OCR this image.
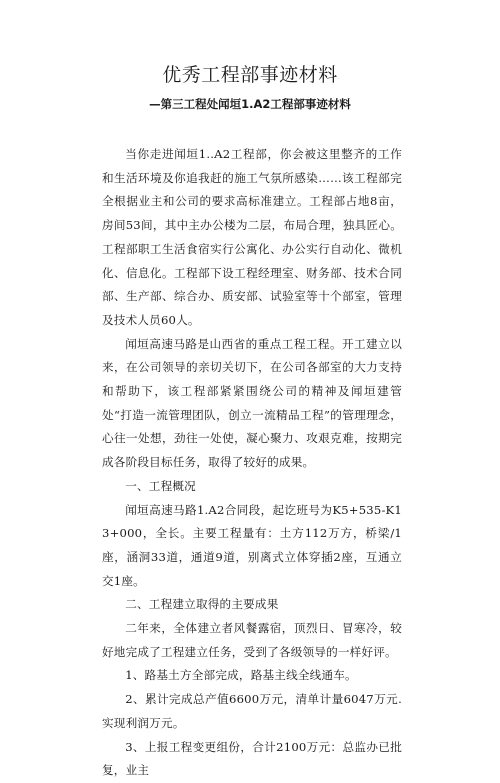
优秀工程部事迹材料
—第三工程处闻垣1.A2工程部事迹材料

当你走进闻垣1..A2工程部，你会被这里整齐的工作和生活环境及你追我赶的施工气氛所感染……该工程部完全根据业主和公司的要求高标准建立。工程部占地8亩，房间53间，其中主办公楼为二层，布局合理，独具匠心。工程部职工生活食宿实行公寓化、办公实行自动化、微机化、信息化。工程部下设工程经理室、财务部、技术合同部、生产部、综合办、质安部、试验室等十个部室，管理及技术人员60人。

闻垣高速马路是山西省的重点工程工程。开工建立以来，在公司领导的亲切关切下，在公司各部室的大力支持和帮助下，该工程部紧紧围绕公司的精神及闻垣建管处“打造一流管理团队，创立一流精品工程”的管理理念，心往一处想，劲往一处使，凝心聚力、攻艰克难，按期完成各阶段目标任务，取得了较好的成果。

一、工程概况

闻垣高速马路1.A2合同段，起讫班号为K5+535-K13+000，全长。主要工程量有：土方112万方，桥梁/1座，涵洞33道，通道9道，别离式立体穿插2座，互通立交1座。

二、工程建立取得的主要成果

二年来，全体建立者风餐露宿，顶烈日、冒寒冷，较好地完成了工程建立任务，受到了各级领导的一样好评。

1、路基土方全部完成，路基主线全线通车。

2、累计完成总产值6600万元，清单计量6047万元.实现利润万元。

3、上报工程变更组份，合计2100万元：总监办已批复，业主
